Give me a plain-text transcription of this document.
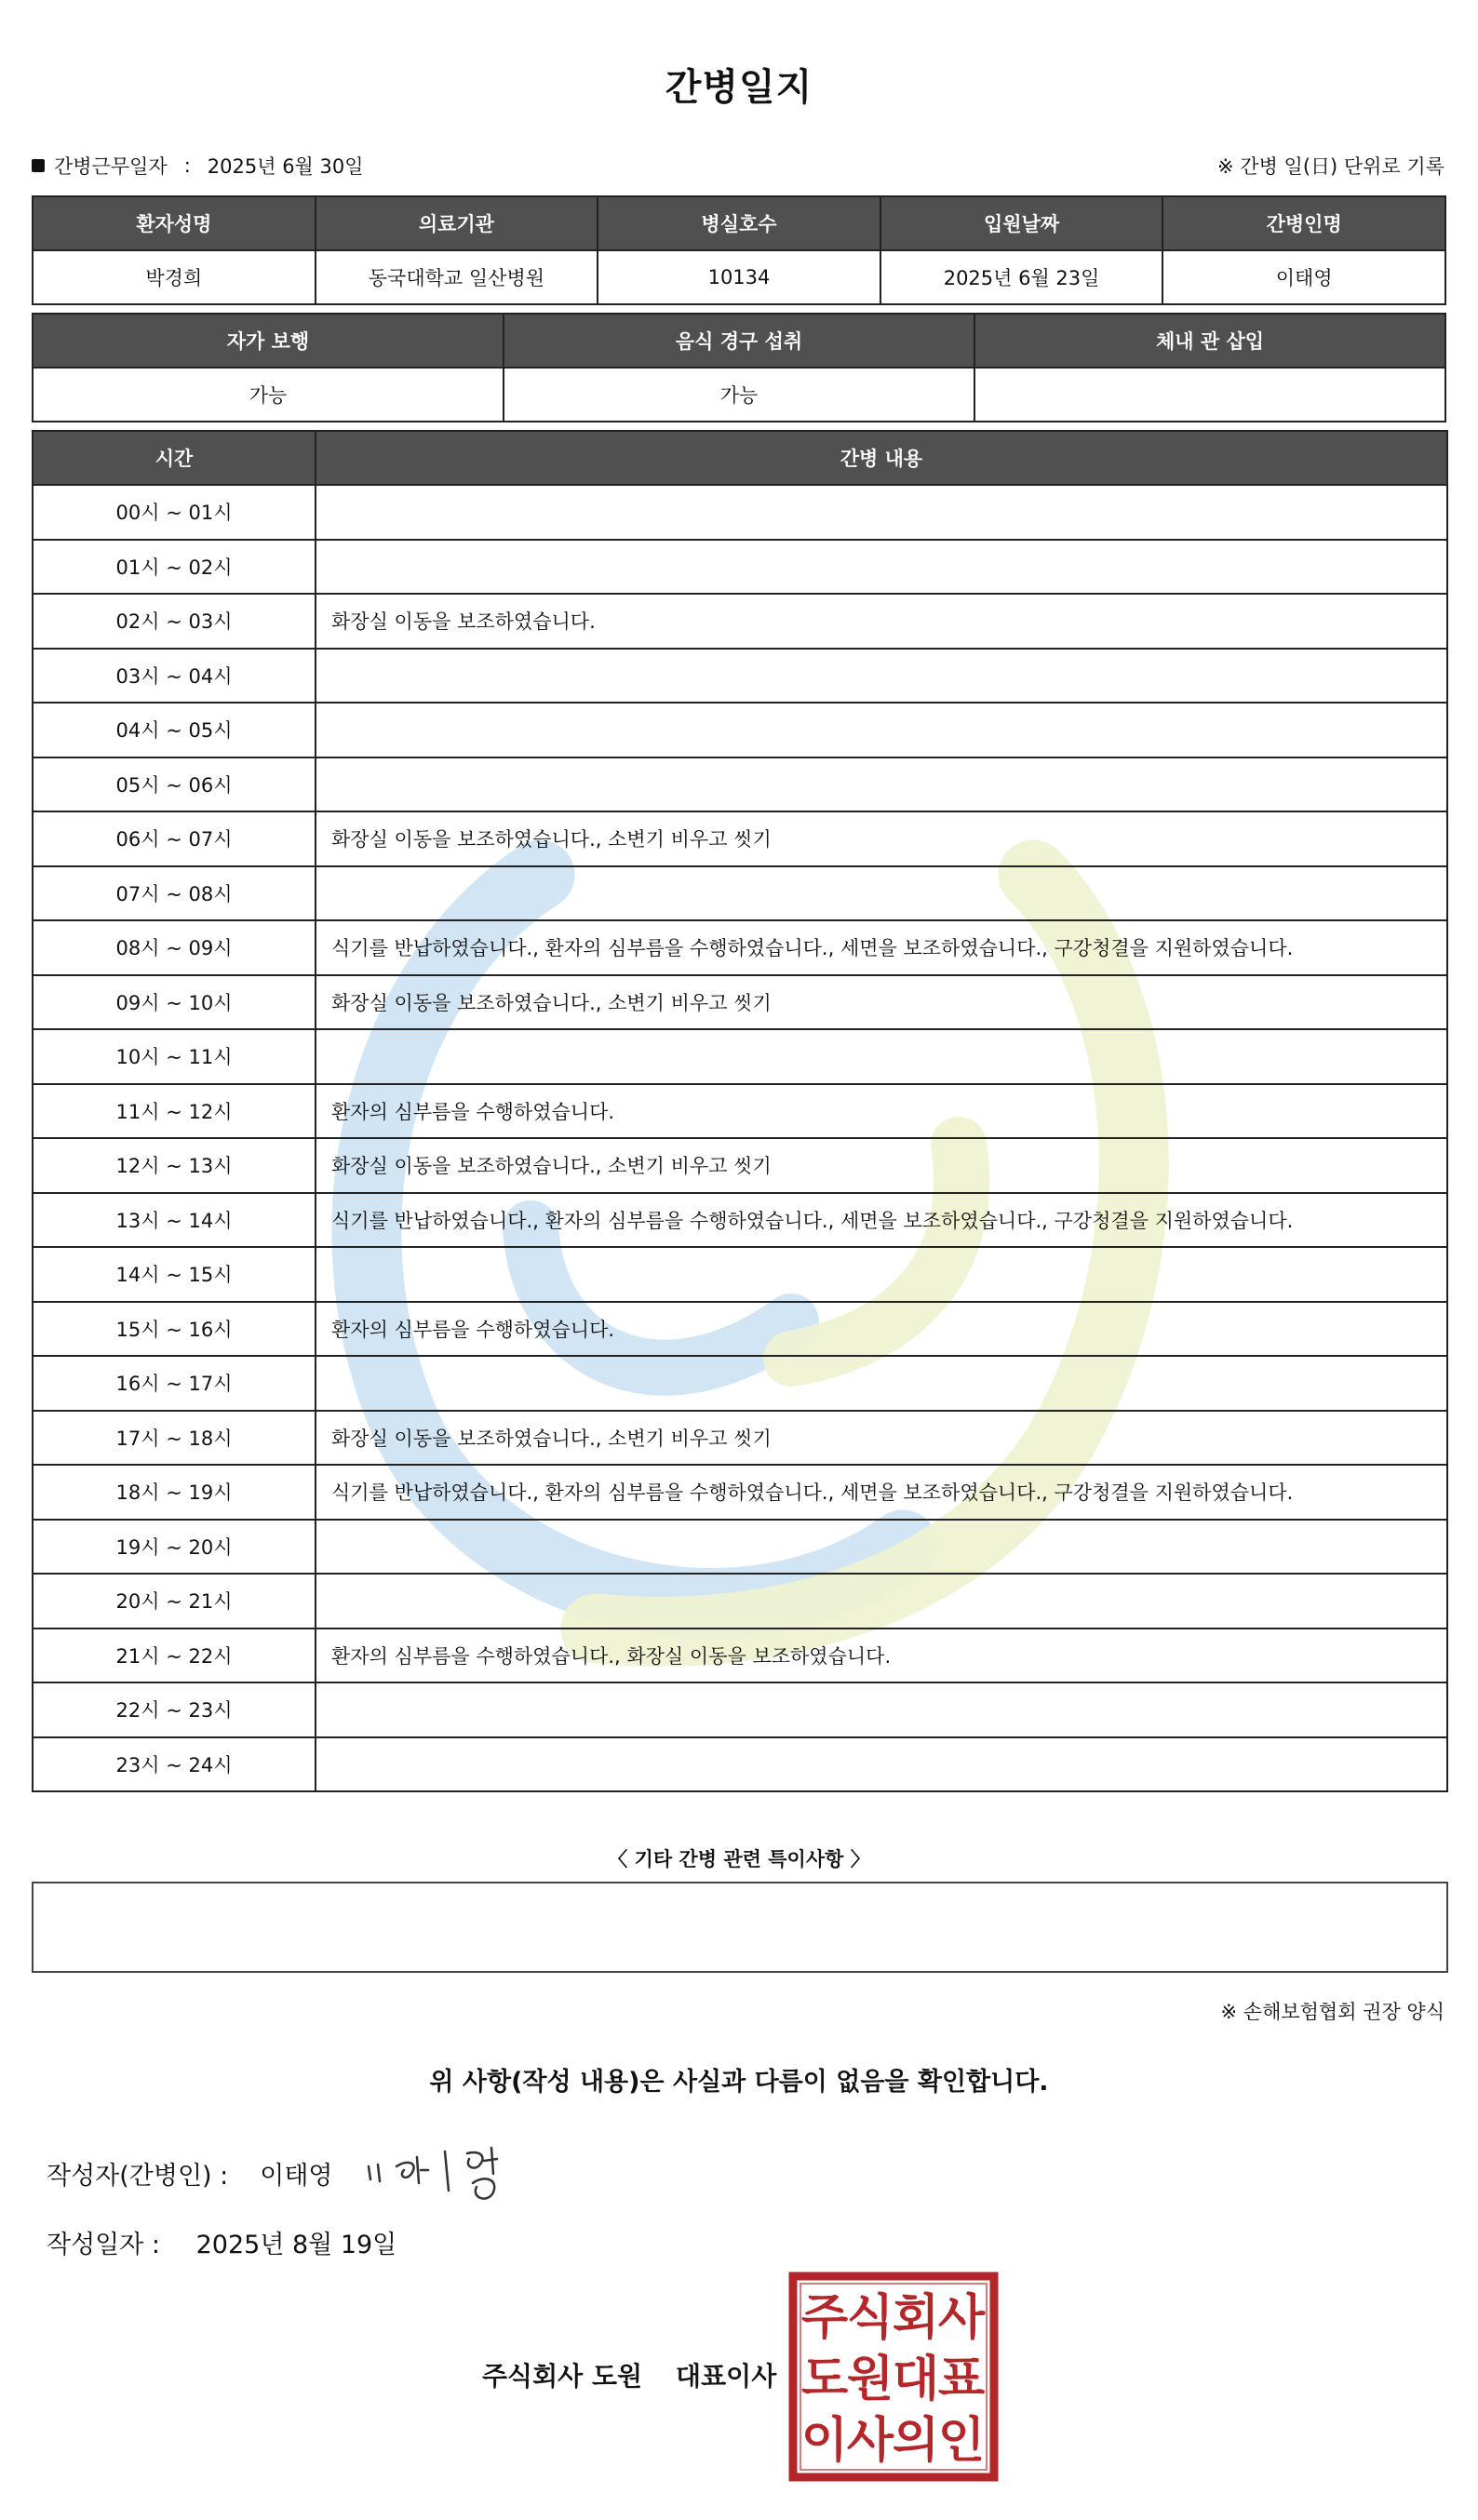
간병일지
간병근무일자 : 2025년 6월 30일	※ 간병 일(日) 단위로 기록
환자성명	의료기관	병실호수	입원날짜	간병인명
박경희	동국대학교 일산병원	10134	2025년 6월 23일	이태영
자가 보행	음식 경구 섭취	체내 관 삽입
가능	가능	
시간	간병 내용
00시 ~ 01시	
01시 ~ 02시	
02시 ~ 03시	화장실 이동을 보조하였습니다.
03시 ~ 04시	
04시 ~ 05시	
05시 ~ 06시	
06시 ~ 07시	화장실 이동을 보조하였습니다., 소변기 비우고 씻기
07시 ~ 08시	
08시 ~ 09시	식기를 반납하였습니다., 환자의 심부름을 수행하였습니다., 세면을 보조하였습니다., 구강청결을 지원하였습니다.
09시 ~ 10시	화장실 이동을 보조하였습니다., 소변기 비우고 씻기
10시 ~ 11시	
11시 ~ 12시	환자의 심부름을 수행하였습니다.
12시 ~ 13시	화장실 이동을 보조하였습니다., 소변기 비우고 씻기
13시 ~ 14시	식기를 반납하였습니다., 환자의 심부름을 수행하였습니다., 세면을 보조하였습니다., 구강청결을 지원하였습니다.
14시 ~ 15시	
15시 ~ 16시	환자의 심부름을 수행하였습니다.
16시 ~ 17시	
17시 ~ 18시	화장실 이동을 보조하였습니다., 소변기 비우고 씻기
18시 ~ 19시	식기를 반납하였습니다., 환자의 심부름을 수행하였습니다., 세면을 보조하였습니다., 구강청결을 지원하였습니다.
19시 ~ 20시	
20시 ~ 21시	
21시 ~ 22시	환자의 심부름을 수행하였습니다., 화장실 이동을 보조하였습니다.
22시 ~ 23시	
23시 ~ 24시	
〈 기타 간병 관련 특이사항 〉
※ 손해보험협회 권장 양식
위 사항(작성 내용)은 사실과 다름이 없음을 확인합니다.
작성자(간병인) : 이태영
작성일자 : 2025년 8월 19일
주식회사 도원 대표이사
주
식
회
사
도
원
대
표
이
사
의
인
